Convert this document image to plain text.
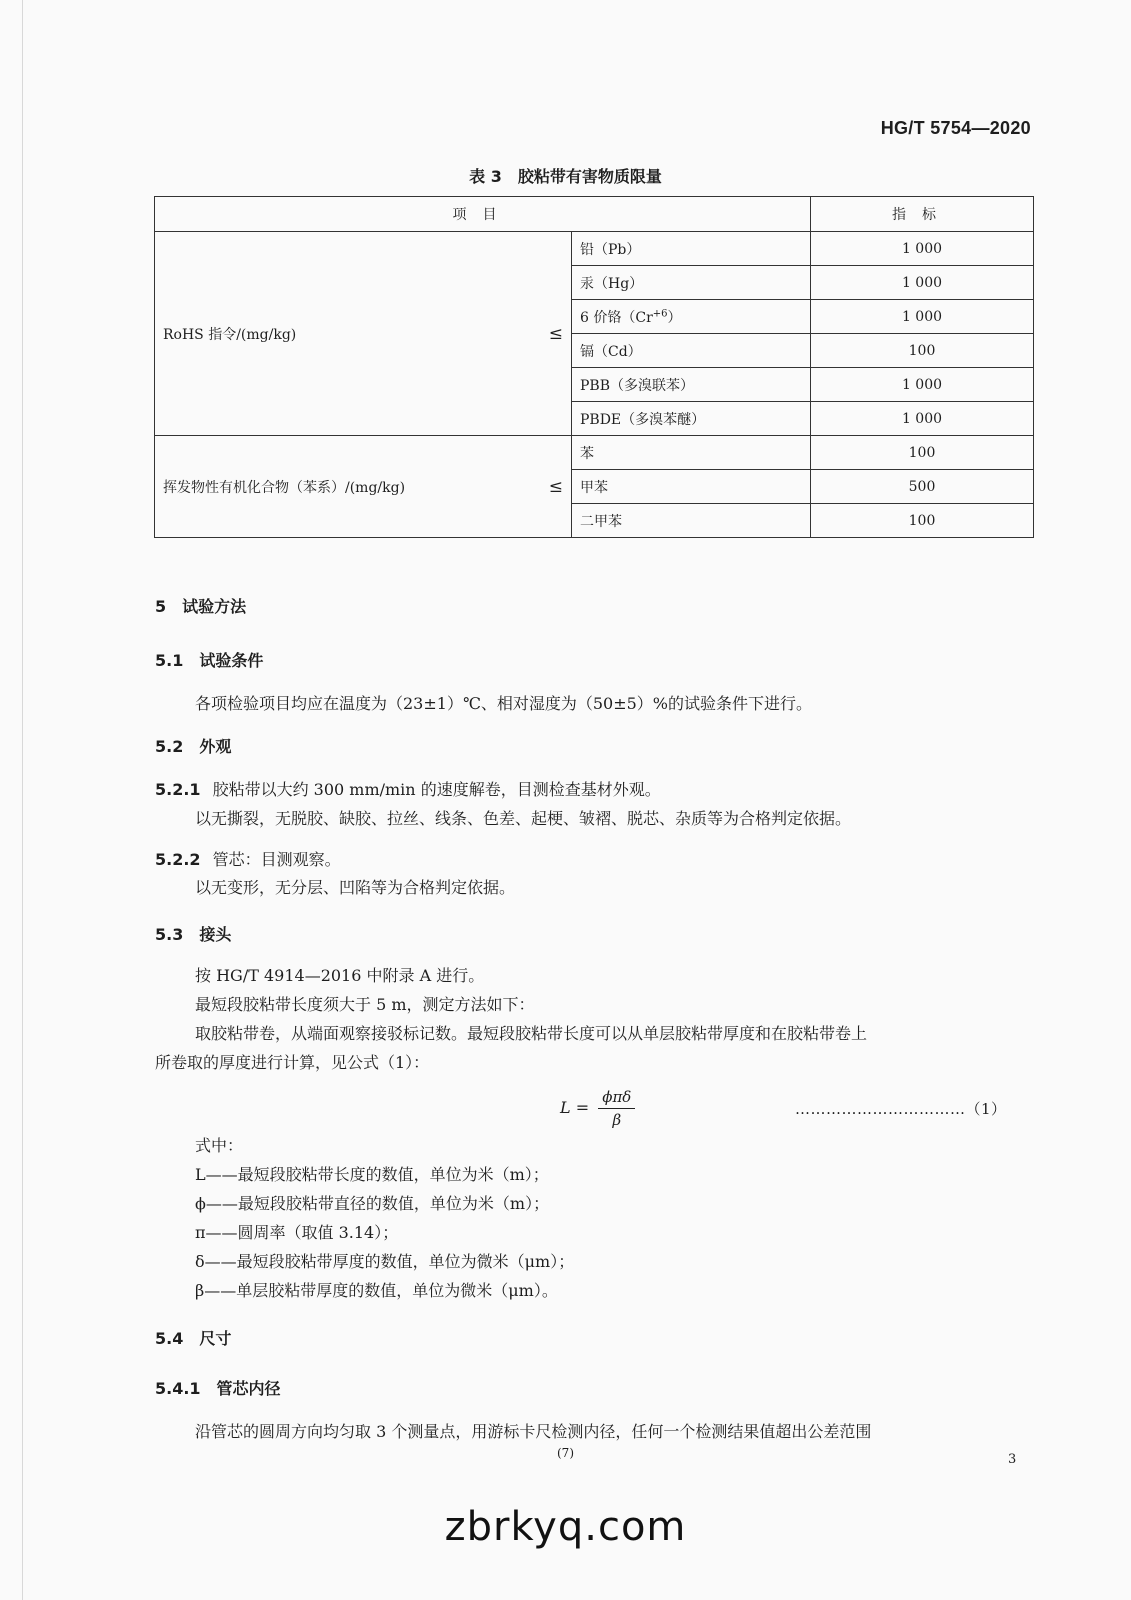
HG/T 5754—2020
表 3　胶粘带有害物质限量
项目			指标
RoHS 指令/(mg/kg)	≤	铅（Pb）	1 000
		汞（Hg）	1 000
		6 价铬$(Cr^{+6})$	1 000
		镉（Cd）	100
		PBB（多溴联苯）	1 000
		PBDE（多溴苯醚）	1 000
挥发物性有机化合物（苯系）/(mg/kg)	≤	苯	100
		甲苯	500
		二甲苯	100
5　试验方法
5.1　试验条件
各项检验项目均应在温度为（23±1）℃、相对湿度为（50±5）%的试验条件下进行。
5.2　外观
5.2.1 胶粘带以大约 300 mm/min 的速度解卷，目测检查基材外观。
以无撕裂，无脱胶、缺胶、拉丝、线条、色差、起梗、皱褶、脱芯、杂质等为合格判定依据。
5.2.2 管芯：目测观察。
以无变形，无分层、凹陷等为合格判定依据。
5.3　接头
按 HG/T 4914—2016 中附录 A 进行。
最短段胶粘带长度须大于 5 m，测定方法如下：
取胶粘带卷，从端面观察接驳标记数。最短段胶粘带长度可以从单层胶粘带厚度和在胶粘带卷上
所卷取的厚度进行计算，见公式（1）：
$L = \frac{\text{ϕπδ}}{\beta}$	……………………………（1）
式中：
L——最短段胶粘带长度的数值，单位为米（m）；
ϕ——最短段胶粘带直径的数值，单位为米（m）；
π——圆周率（取值 3.14）；
δ——最短段胶粘带厚度的数值，单位为微米（μm）；
β——单层胶粘带厚度的数值，单位为微米（μm）。
5.4　尺寸
5.4.1　管芯内径
沿管芯的圆周方向均匀取 3 个测量点，用游标卡尺检测内径，任何一个检测结果值超出公差范围
(7)	3
zbrkyq.com
